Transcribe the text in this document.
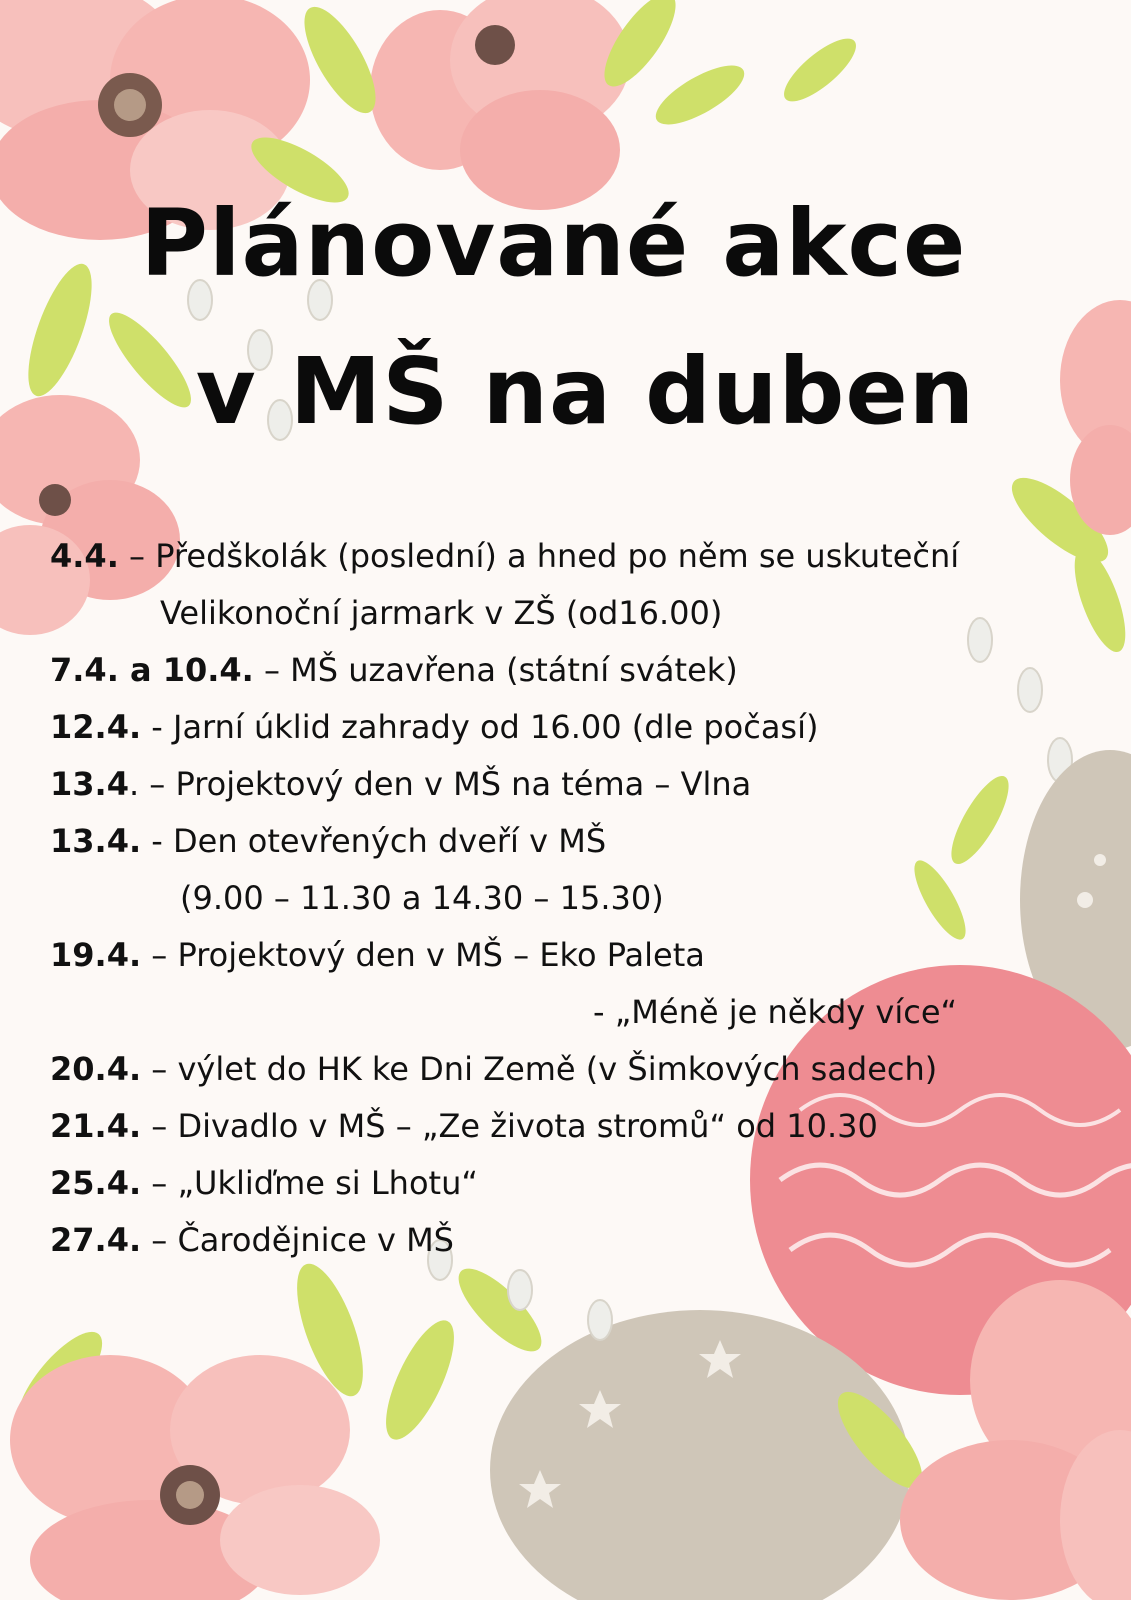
Plánované akce
v MŠ na duben
4.4. – Předškolák (poslední) a hned po něm se uskuteční
Velikonoční jarmark v ZŠ (od16.00)
7.4. a 10.4. – MŠ uzavřena (státní svátek)
12.4. - Jarní úklid zahrady od 16.00 (dle počasí)
13.4. – Projektový den v MŠ na téma – Vlna
13.4. - Den otevřených dveří v MŠ
(9.00 – 11.30 a 14.30 – 15.30)
19.4. – Projektový den v MŠ – Eko Paleta
- „Méně je někdy více“
20.4. – výlet do HK ke Dni Země (v Šimkových sadech)
21.4. – Divadlo v MŠ – „Ze života stromů“ od 10.30
25.4. – „Ukliďme si Lhotu“
27.4. – Čarodějnice v MŠ
